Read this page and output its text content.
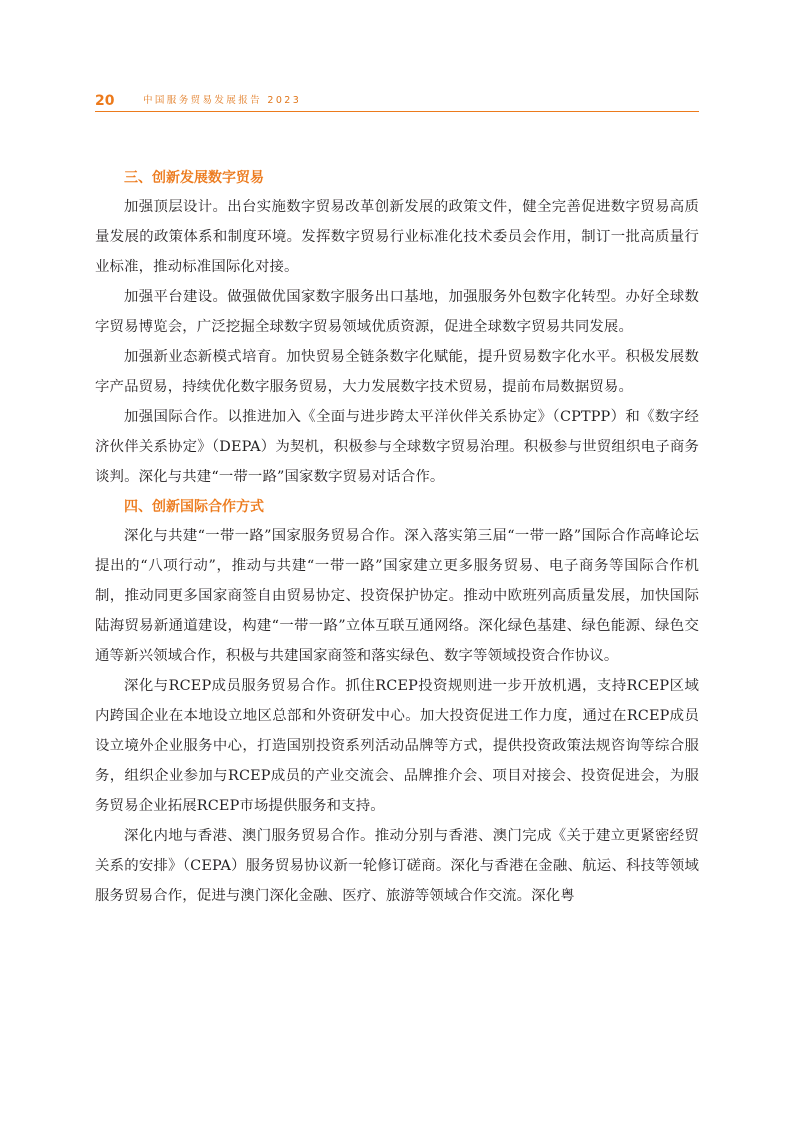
20	中国服务贸易发展报告 2023
三、创新发展数字贸易

加强顶层设计。出台实施数字贸易改革创新发展的政策文件，健全完善促进数字贸易高质量发展的政策体系和制度环境。发挥数字贸易行业标准化技术委员会作用，制订一批高质量行业标准，推动标准国际化对接。

加强平台建设。做强做优国家数字服务出口基地，加强服务外包数字化转型。办好全球数字贸易博览会，广泛挖掘全球数字贸易领域优质资源，促进全球数字贸易共同发展。

加强新业态新模式培育。加快贸易全链条数字化赋能，提升贸易数字化水平。积极发展数字产品贸易，持续优化数字服务贸易，大力发展数字技术贸易，提前布局数据贸易。

加强国际合作。以推进加入《全面与进步跨太平洋伙伴关系协定》（CPTPP）和《数字经济伙伴关系协定》（DEPA）为契机，积极参与全球数字贸易治理。积极参与世贸组织电子商务谈判。深化与共建“一带一路”国家数字贸易对话合作。

四、创新国际合作方式

深化与共建“一带一路”国家服务贸易合作。深入落实第三届“一带一路”国际合作高峰论坛提出的“八项行动”，推动与共建“一带一路”国家建立更多服务贸易、电子商务等国际合作机制，推动同更多国家商签自由贸易协定、投资保护协定。推动中欧班列高质量发展，加快国际陆海贸易新通道建设，构建“一带一路”立体互联互通网络。深化绿色基建、绿色能源、绿色交通等新兴领域合作，积极与共建国家商签和落实绿色、数字等领域投资合作协议。

深化与RCEP成员服务贸易合作。抓住RCEP投资规则进一步开放机遇，支持RCEP区域内跨国企业在本地设立地区总部和外资研发中心。加大投资促进工作力度，通过在RCEP成员设立境外企业服务中心，打造国别投资系列活动品牌等方式，提供投资政策法规咨询等综合服务，组织企业参加与RCEP成员的产业交流会、品牌推介会、项目对接会、投资促进会，为服务贸易企业拓展RCEP市场提供服务和支持。

深化内地与香港、澳门服务贸易合作。推动分别与香港、澳门完成《关于建立更紧密经贸关系的安排》（CEPA）服务贸易协议新一轮修订磋商。深化与香港在金融、航运、科技等领域服务贸易合作，促进与澳门深化金融、医疗、旅游等领域合作交流。深化粤
